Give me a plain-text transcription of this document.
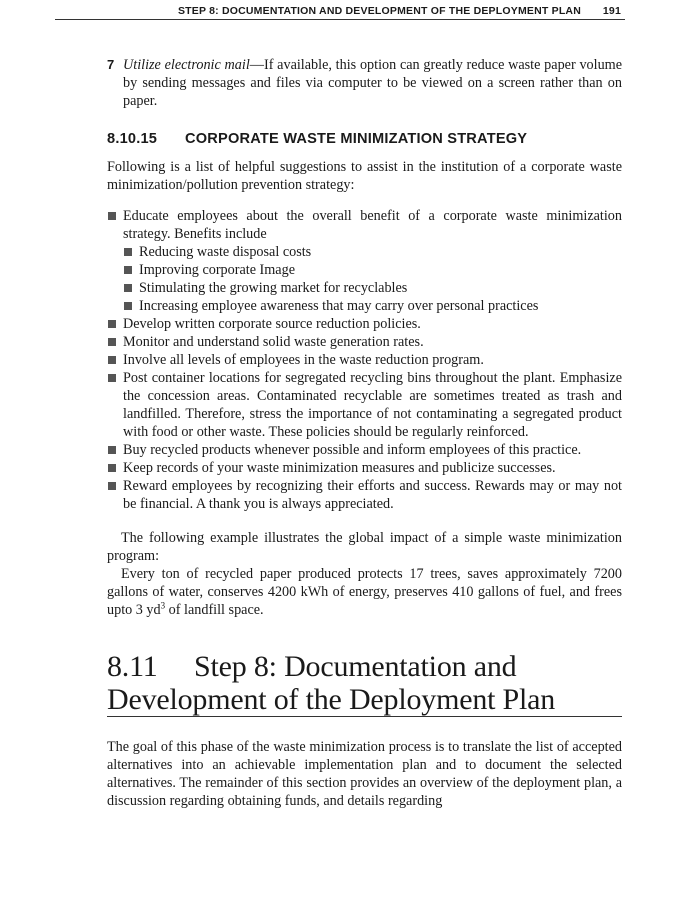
STEP 8: DOCUMENTATION AND DEVELOPMENT OF THE DEPLOYMENT PLAN 191
7 Utilize electronic mail—If available, this option can greatly reduce waste paper volume by sending messages and files via computer to be viewed on a screen rather than on paper.
8.10.15 CORPORATE WASTE MINIMIZATION STRATEGY

Following is a list of helpful suggestions to assist in the institution of a corporate waste minimization/pollution prevention strategy:

Educate employees about the overall benefit of a corporate waste minimization strategy. Benefits include
Reducing waste disposal costs
Improving corporate Image
Stimulating the growing market for recyclables
Increasing employee awareness that may carry over personal practices
Develop written corporate source reduction policies.
Monitor and understand solid waste generation rates.
Involve all levels of employees in the waste reduction program.
Post container locations for segregated recycling bins throughout the plant. Emphasize the concession areas. Contaminated recyclable are sometimes treated as trash and landfilled. Therefore, stress the importance of not contaminating a segregated product with food or other waste. These policies should be regularly reinforced.
Buy recycled products whenever possible and inform employees of this practice.
Keep records of your waste minimization measures and publicize successes.
Reward employees by recognizing their efforts and success. Rewards may or may not be financial. A thank you is always appreciated.

The following example illustrates the global impact of a simple waste minimization program:

Every ton of recycled paper produced protects 17 trees, saves approximately 7200 gallons of water, conserves 4200 kWh of energy, preserves 410 gallons of fuel, and frees upto 3 $yd^3$ of landfill space.

8.11 Step 8: Documentation and
Development of the Deployment Plan

The goal of this phase of the waste minimization process is to translate the list of accepted alternatives into an achievable implementation plan and to document the selected alternatives. The remainder of this section provides an overview of the deployment plan, a discussion regarding obtaining funds, and details regarding
